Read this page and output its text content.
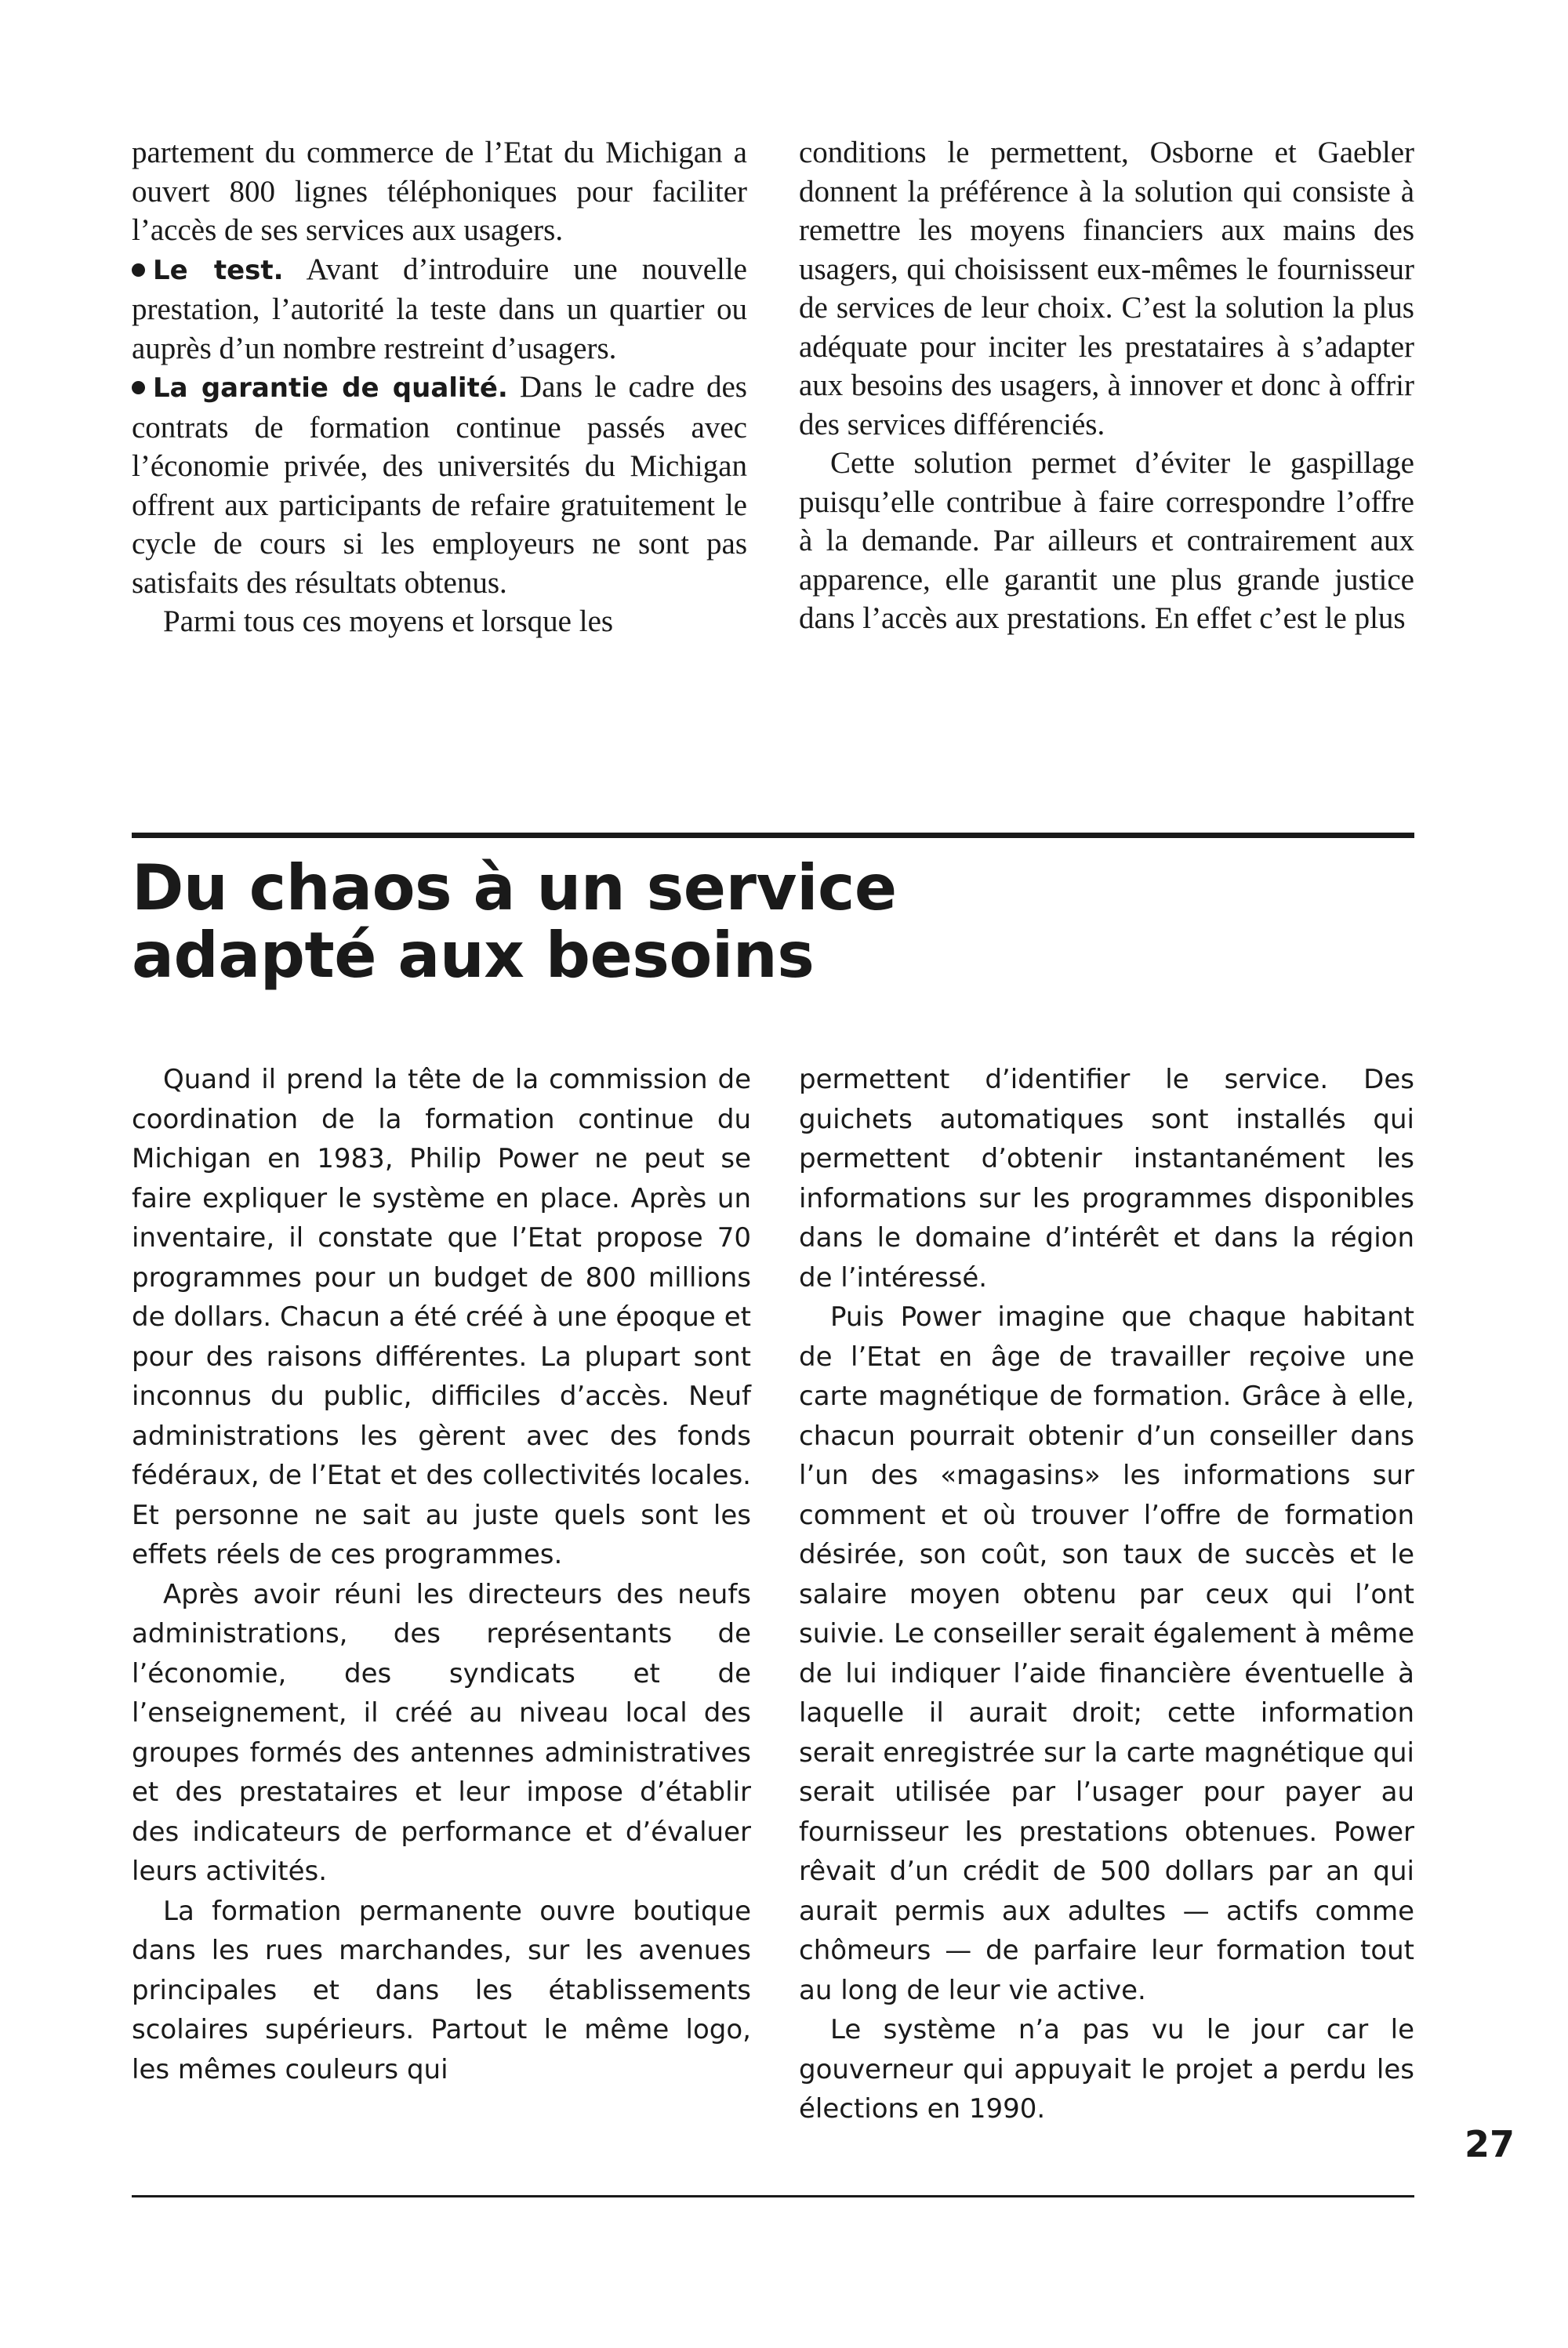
partement du commerce de l’Etat du Michigan a ouvert 800 lignes téléphoniques pour faciliter l’accès de ses services aux usagers.

Le test. Avant d’introduire une nouvelle prestation, l’autorité la teste dans un quartier ou auprès d’un nombre restreint d’usagers.

La garantie de qualité. Dans le cadre des contrats de formation continue passés avec l’économie privée, des universités du Michigan offrent aux participants de refaire gratuitement le cycle de cours si les employeurs ne sont pas satisfaits des résultats obtenus.

Parmi tous ces moyens et lorsque les

conditions le permettent, Osborne et Gaebler donnent la préférence à la solution qui consiste à remettre les moyens financiers aux mains des usagers, qui choisissent eux-mêmes le fournisseur de services de leur choix. C’est la solution la plus adéquate pour inciter les prestataires à s’adapter aux besoins des usagers, à innover et donc à offrir des services différenciés.

Cette solution permet d’éviter le gaspillage puisqu’elle contribue à faire correspondre l’offre à la demande. Par ailleurs et contrairement aux apparence, elle garantit une plus grande justice dans l’accès aux prestations. En effet c’est le plus

Du chaos à un service
adapté aux besoins

Quand il prend la tête de la commission de coordination de la formation continue du Michigan en 1983, Philip Power ne peut se faire expliquer le système en place. Après un inventaire, il constate que l’Etat propose 70 programmes pour un budget de 800 millions de dollars. Chacun a été créé à une époque et pour des raisons différentes. La plupart sont inconnus du public, difficiles d’accès. Neuf administrations les gèrent avec des fonds fédéraux, de l’Etat et des collectivités locales. Et personne ne sait au juste quels sont les effets réels de ces programmes.

Après avoir réuni les directeurs des neufs administrations, des représentants de l’économie, des syndicats et de l’enseignement, il créé au niveau local des groupes formés des antennes administratives et des prestataires et leur impose d’établir des indicateurs de performance et d’évaluer leurs activités.

La formation permanente ouvre boutique dans les rues marchandes, sur les avenues principales et dans les établissements scolaires supérieurs. Partout le même logo, les mêmes couleurs qui

permettent d’identifier le service. Des guichets automatiques sont installés qui permettent d’obtenir instantanément les informations sur les programmes disponibles dans le domaine d’intérêt et dans la région de l’intéressé.

Puis Power imagine que chaque habitant de l’Etat en âge de travailler reçoive une carte magnétique de formation. Grâce à elle, chacun pourrait obtenir d’un conseiller dans l’un des «magasins» les informations sur comment et où trouver l’offre de formation désirée, son coût, son taux de succès et le salaire moyen obtenu par ceux qui l’ont suivie. Le conseiller serait également à même de lui indiquer l’aide financière éventuelle à laquelle il aurait droit; cette information serait enregistrée sur la carte magnétique qui serait utilisée par l’usager pour payer au fournisseur les prestations obtenues. Power rêvait d’un crédit de 500 dollars par an qui aurait permis aux adultes — actifs comme chômeurs — de parfaire leur formation tout au long de leur vie active.

Le système n’a pas vu le jour car le gouverneur qui appuyait le projet a perdu les élections en 1990.

27
